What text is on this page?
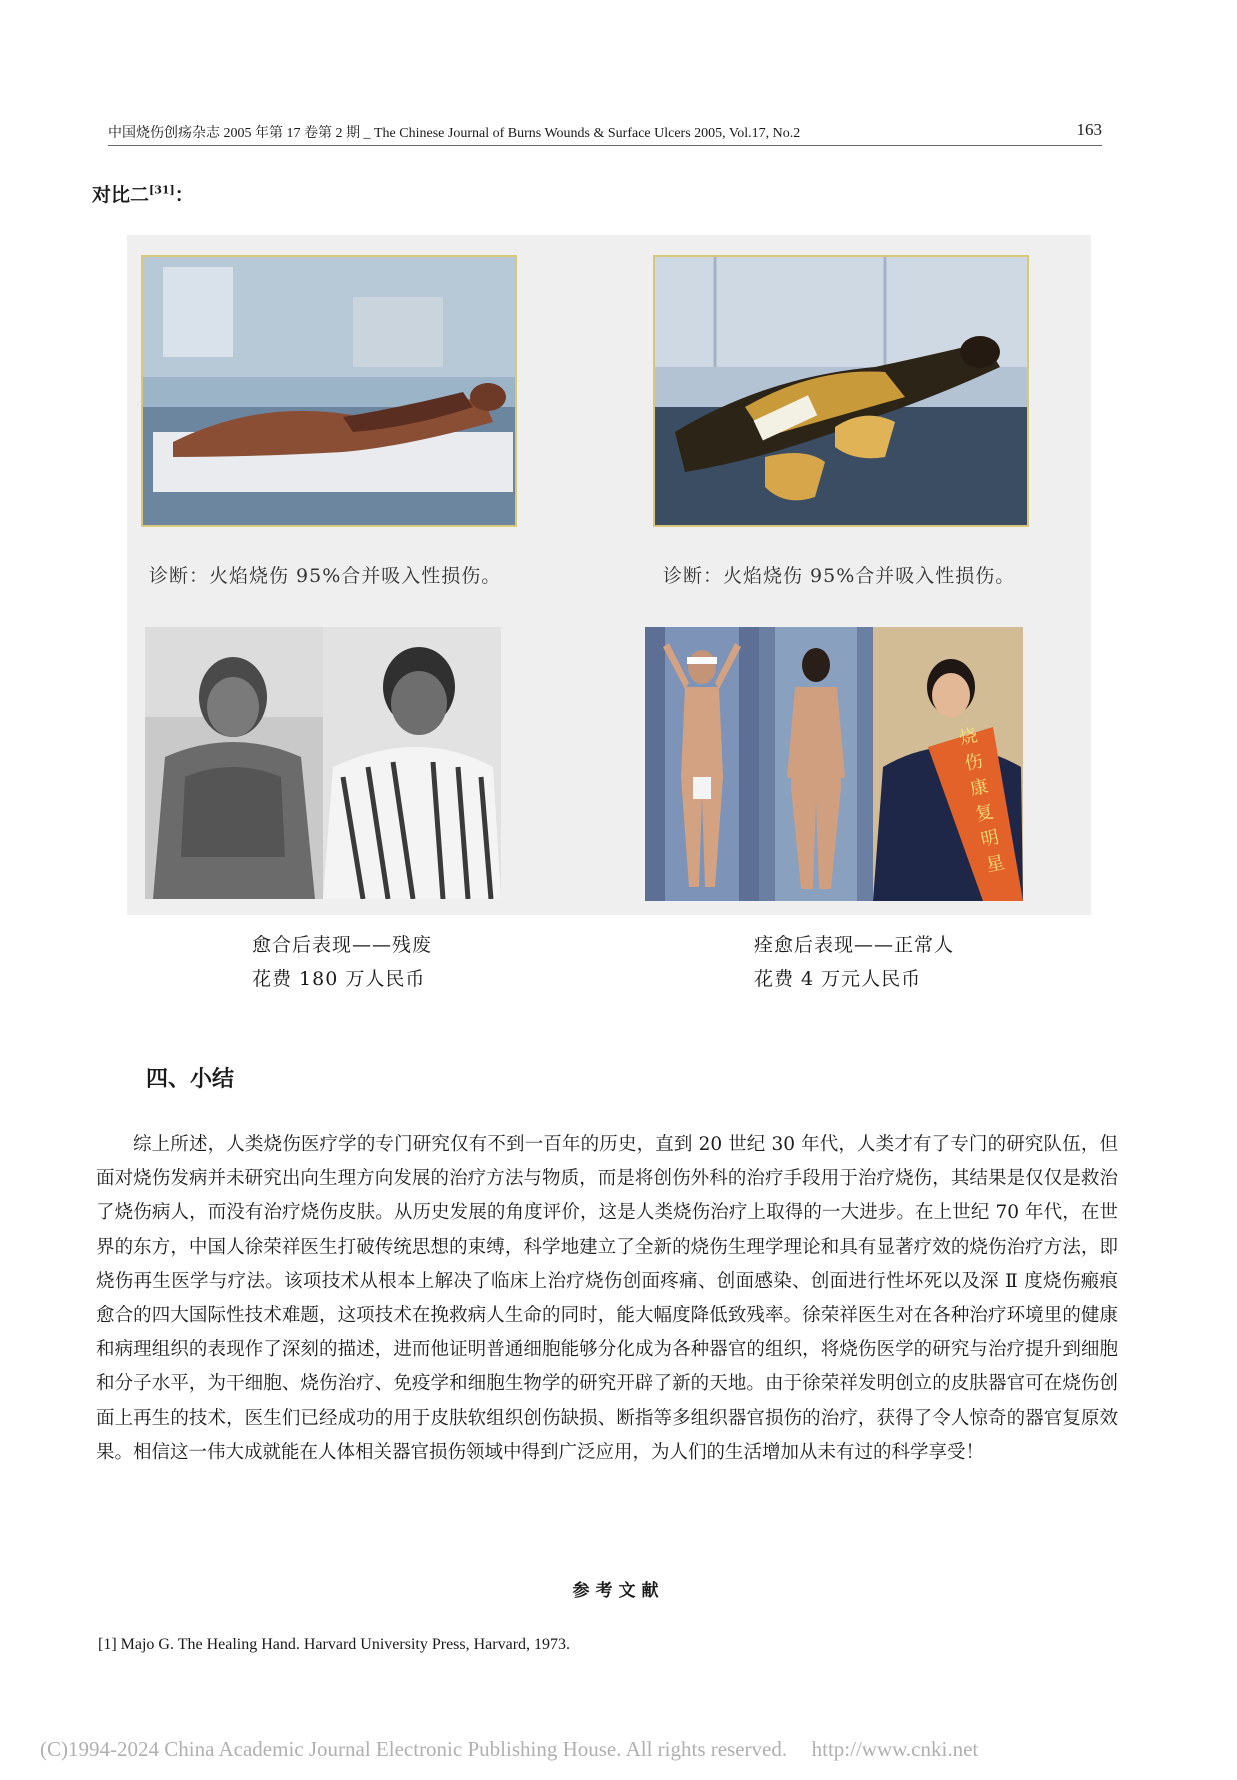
中国烧伤创疡杂志 2005 年第 17 卷第 2 期 _ The Chinese Journal of Burns Wounds & Surface Ulcers 2005, Vol.17, No.2	163
对比二[31]：
诊断：火焰烧伤 95%合并吸入性损伤。	诊断：火焰烧伤 95%合并吸入性损伤。
烧伤康复明星
愈合后表现——残废
花费 180 万人民币
痊愈后表现——正常人
花费 4 万元人民币
四、小结
综上所述，人类烧伤医疗学的专门研究仅有不到一百年的历史，直到 20 世纪 30 年代，人类才有了专门的研究队伍，但面对烧伤发病并未研究出向生理方向发展的治疗方法与物质，而是将创伤外科的治疗手段用于治疗烧伤，其结果是仅仅是救治了烧伤病人，而没有治疗烧伤皮肤。从历史发展的角度评价，这是人类烧伤治疗上取得的一大进步。在上世纪 70 年代，在世界的东方，中国人徐荣祥医生打破传统思想的束缚，科学地建立了全新的烧伤生理学理论和具有显著疗效的烧伤治疗方法，即烧伤再生医学与疗法。该项技术从根本上解决了临床上治疗烧伤创面疼痛、创面感染、创面进行性坏死以及深 Ⅱ 度烧伤瘢痕愈合的四大国际性技术难题，这项技术在挽救病人生命的同时，能大幅度降低致残率。徐荣祥医生对在各种治疗环境里的健康和病理组织的表现作了深刻的描述，进而他证明普通细胞能够分化成为各种器官的组织，将烧伤医学的研究与治疗提升到细胞和分子水平，为干细胞、烧伤治疗、免疫学和细胞生物学的研究开辟了新的天地。由于徐荣祥发明创立的皮肤器官可在烧伤创面上再生的技术，医生们已经成功的用于皮肤软组织创伤缺损、断指等多组织器官损伤的治疗，获得了令人惊奇的器官复原效果。相信这一伟大成就能在人体相关器官损伤领域中得到广泛应用，为人们的生活增加从未有过的科学享受！
参考文献
[1] Majo G. The Healing Hand. Harvard University Press, Harvard, 1973.
(C)1994-2024 China Academic Journal Electronic Publishing House. All rights reserved. http://www.cnki.net
